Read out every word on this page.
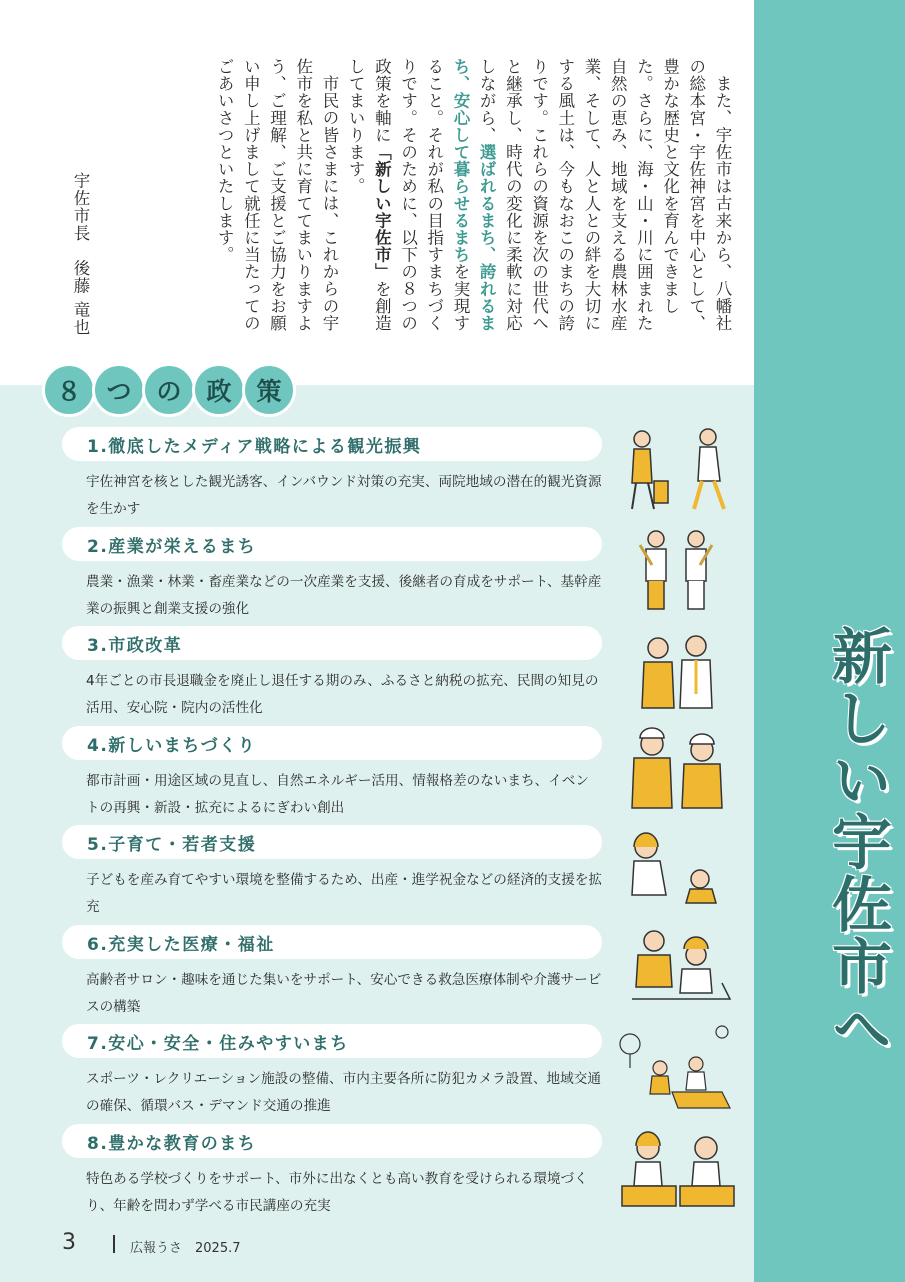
新しい宇佐市へ

また、宇佐市は古来から、八幡社の総本宮・宇佐神宮を中心として、豊かな歴史と文化を育んできました。さらに、海・山・川に囲まれた自然の恵み、地域を支える農林水産業、そして、人と人との絆を大切にする風土は、今もなおこのまちの誇りです。これらの資源を次の世代へと継承し、時代の変化に柔軟に対応しながら、選ばれるまち、誇れるまち、安心して暮らせるまちを実現すること。それが私の目指すまちづくりです。そのために、以下の８つの政策を軸に「新しい宇佐市」を創造してまいります。

市民の皆さまには、これからの宇佐市を私と共に育ててまいりますよう、ご理解、ご支援とご協力をお願い申し上げまして就任に当たってのごあいさつといたします。

宇佐市長　後藤 竜也
８ つ の 政 策
1.徹底したメディア戦略による観光振興
宇佐神宮を核とした観光誘客、インバウンド対策の充実、両院地域の潜在的観光資源を生かす
2.産業が栄えるまち
農業・漁業・林業・畜産業などの一次産業を支援、後継者の育成をサポート、基幹産業の振興と創業支援の強化
3.市政改革
4年ごとの市長退職金を廃止し退任する期のみ、ふるさと納税の拡充、民間の知見の活用、安心院・院内の活性化
4.新しいまちづくり
都市計画・用途区域の見直し、自然エネルギー活用、情報格差のないまち、イベントの再興・新設・拡充によるにぎわい創出
5.子育て・若者支援
子どもを産み育てやすい環境を整備するため、出産・進学祝金などの経済的支援を拡充
6.充実した医療・福祉
高齢者サロン・趣味を通じた集いをサポート、安心できる救急医療体制や介護サービスの構築
7.安心・安全・住みやすいまち
スポーツ・レクリエーション施設の整備、市内主要各所に防犯カメラ設置、地域交通の確保、循環バス・デマンド交通の推進
8.豊かな教育のまち
特色ある学校づくりをサポート、市外に出なくとも高い教育を受けられる環境づくり、年齢を問わず学べる市民講座の充実
3	広報うさ　2025.7
